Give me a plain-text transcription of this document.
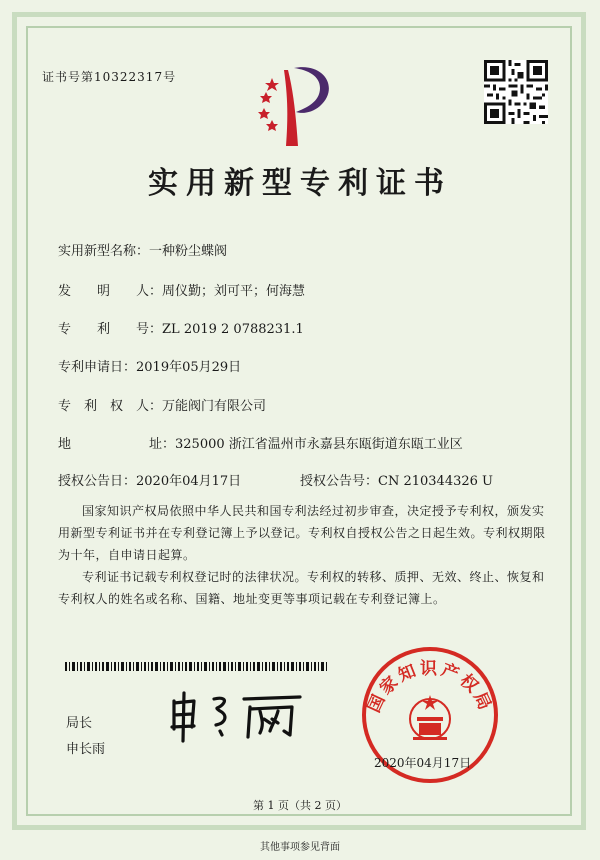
证书号第10322317号
实用新型专利证书
实用新型名称：一种粉尘蝶阀
发　　明　　人：周仪勤；刘可平；何海慧
专　　利　　号：ZL 2019 2 0788231.1
专利申请日：2019年05月29日
专　利　权　人：万能阀门有限公司
地　　　　　　址：325000 浙江省温州市永嘉县东瓯街道东瓯工业区
授权公告日：2020年04月17日	授权公告号：CN 210344326 U
国家知识产权局依照中华人民共和国专利法经过初步审查，决定授予专利权，颁发实用新型专利证书并在专利登记簿上予以登记。专利权自授权公告之日起生效。专利权期限为十年，自申请日起算。
专利证书记载专利权登记时的法律状况。专利权的转移、质押、无效、终止、恢复和专利权人的姓名或名称、国籍、地址变更等事项记载在专利登记簿上。
局长
申长雨
国家知识产权局
2020年04月17日
第 1 页（共 2 页）
其他事项参见背面
